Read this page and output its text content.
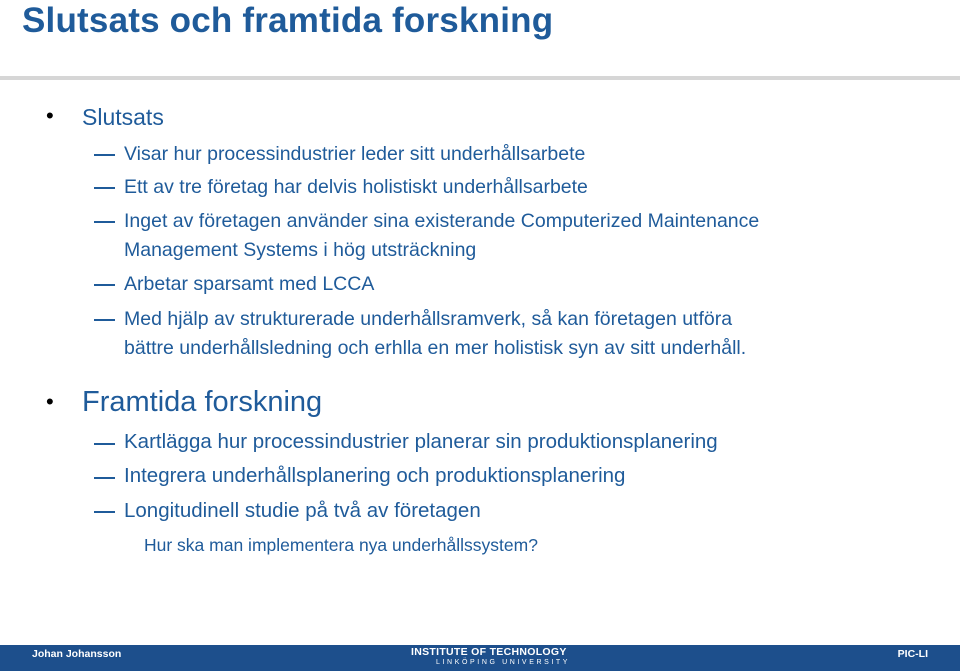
Slutsats och framtida forskning
• Slutsats
Visar hur processindustrier leder sitt underhållsarbete
Ett av tre företag har delvis holistiskt underhållsarbete
Inget av företagen använder sina existerande Computerized Maintenance
Management Systems i hög utsträckning
Arbetar sparsamt med LCCA
Med hjälp av strukturerade underhållsramverk, så kan företagen utföra
bättre underhållsledning och erhlla en mer holistisk syn av sitt underhåll.
• Framtida forskning
Kartlägga hur processindustrier planerar sin produktionsplanering
Integrera underhållsplanering och produktionsplanering
Longitudinell studie på två av företagen
Hur ska man implementera nya underhållssystem?
Johan Johansson	INSTITUTE OF TECHNOLOGY
LINKÖPING UNIVERSITY
PIC-LI
